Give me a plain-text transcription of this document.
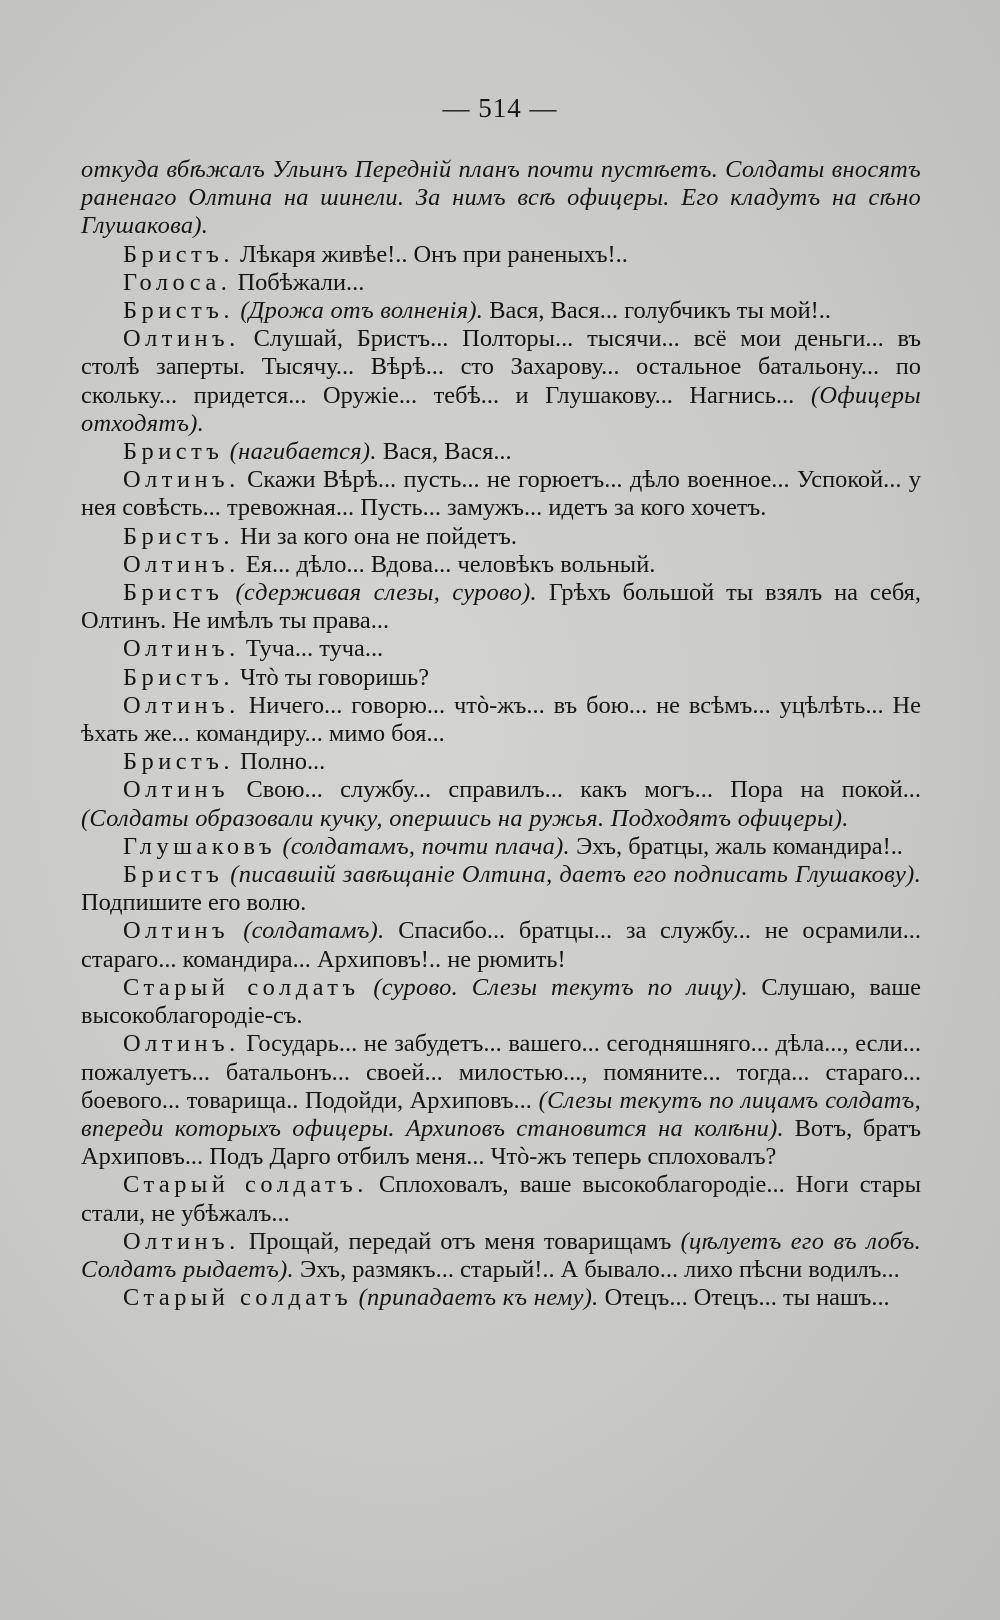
— 514 —

откуда вбѣжалъ Ульинъ Передній планъ почти пустѣетъ. Солдаты вносятъ раненаго Олтина на шинели. За нимъ всѣ офицеры. Его кладутъ на сѣно Глушакова).

Бристъ. Лѣкаря живѣе!.. Онъ при раненыхъ!..

Голоса. Побѣжали...

Бристъ. (Дрожа отъ волненія). Вася, Вася... голубчикъ ты мой!..

Олтинъ. Слушай, Бристъ... Полторы... тысячи... всё мои деньги... въ столѣ заперты. Тысячу... Вѣрѣ... сто Захарову... остальное батальону... по скольку... придется... Оружіе... тебѣ... и Глушакову... Нагнись... (Офицеры отходятъ).

Бристъ (нагибается). Вася, Вася...

Олтинъ. Скажи Вѣрѣ... пусть... не горюетъ... дѣло военное... Успокой... у нея совѣсть... тревожная... Пусть... замужъ... идетъ за кого хочетъ.

Бристъ. Ни за кого она не пойдетъ.

Олтинъ. Ея... дѣло... Вдова... человѣкъ вольный.

Бристъ (сдерживая слезы, сурово). Грѣхъ большой ты взялъ на себя, Олтинъ. Не имѣлъ ты права...

Олтинъ. Туча... туча...

Бристъ. Чтò ты говоришь?

Олтинъ. Ничего... говорю... чтò-жъ... въ бою... не всѣмъ... уцѣлѣть... Не ѣхать же... командиру... мимо боя...

Бристъ. Полно...

Олтинъ Свою... службу... справилъ... какъ могъ... Пора на покой... (Солдаты образовали кучку, опершись на ружья. Подходятъ офицеры).

Глушаковъ (солдатамъ, почти плача). Эхъ, братцы, жаль командира!..

Бристъ (писавшій завѣщаніе Олтина, даетъ его подписать Глушакову). Подпишите его волю.

Олтинъ (солдатамъ). Спасибо... братцы... за службу... не осрамили... стараго... командира... Архиповъ!.. не рюмить!

Старый солдатъ (сурово. Слезы текутъ по лицу). Слушаю, ваше высокоблагородіе-съ.

Олтинъ. Государь... не забудетъ... вашего... сегодняшняго... дѣла..., если... пожалуетъ... батальонъ... своей... милостью..., помяните... тогда... стараго... боевого... товарища.. Подойди, Архиповъ... (Слезы текутъ по лицамъ солдатъ, впереди которыхъ офицеры. Архиповъ становится на колѣни). Вотъ, братъ Архиповъ... Подъ Дарго отбилъ меня... Чтò-жъ теперь сплоховалъ?

Старый солдатъ. Сплоховалъ, ваше высокоблагородіе... Ноги стары стали, не убѣжалъ...

Олтинъ. Прощай, передай отъ меня товарищамъ (цѣлуетъ его въ лобъ. Солдатъ рыдаетъ). Эхъ, размякъ... старый!.. А бывало... лихо пѣсни водилъ...

Старый солдатъ (припадаетъ къ нему). Отецъ... Отецъ... ты нашъ...
